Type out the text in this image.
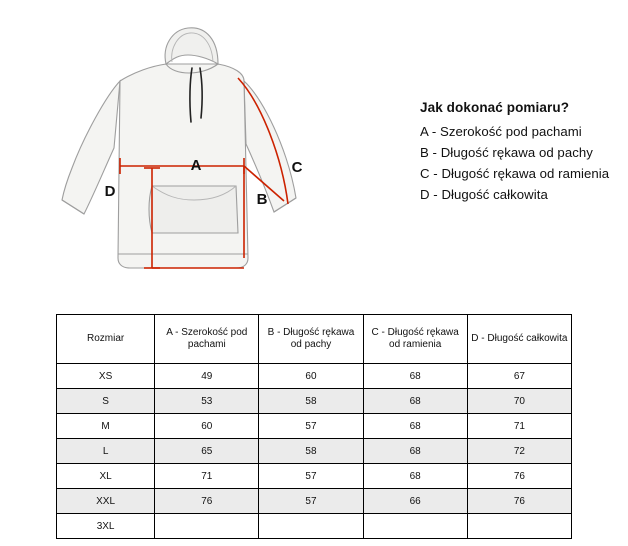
A
B
C
D

Jak dokonać pomiaru?

A - Szerokość pod pachami

B - Długość rękawa od pachy

C - Długość rękawa od ramienia

D - Długość całkowita

Rozmiar	A - Szerokość pod pachami	B - Długość rękawa od pachy	C - Długość rękawa od ramienia	D - Długość całkowita
XS	49	60	68	67
S	53	58	68	70
M	60	57	68	71
L	65	58	68	72
XL	71	57	68	76
XXL	76	57	66	76
3XL				
